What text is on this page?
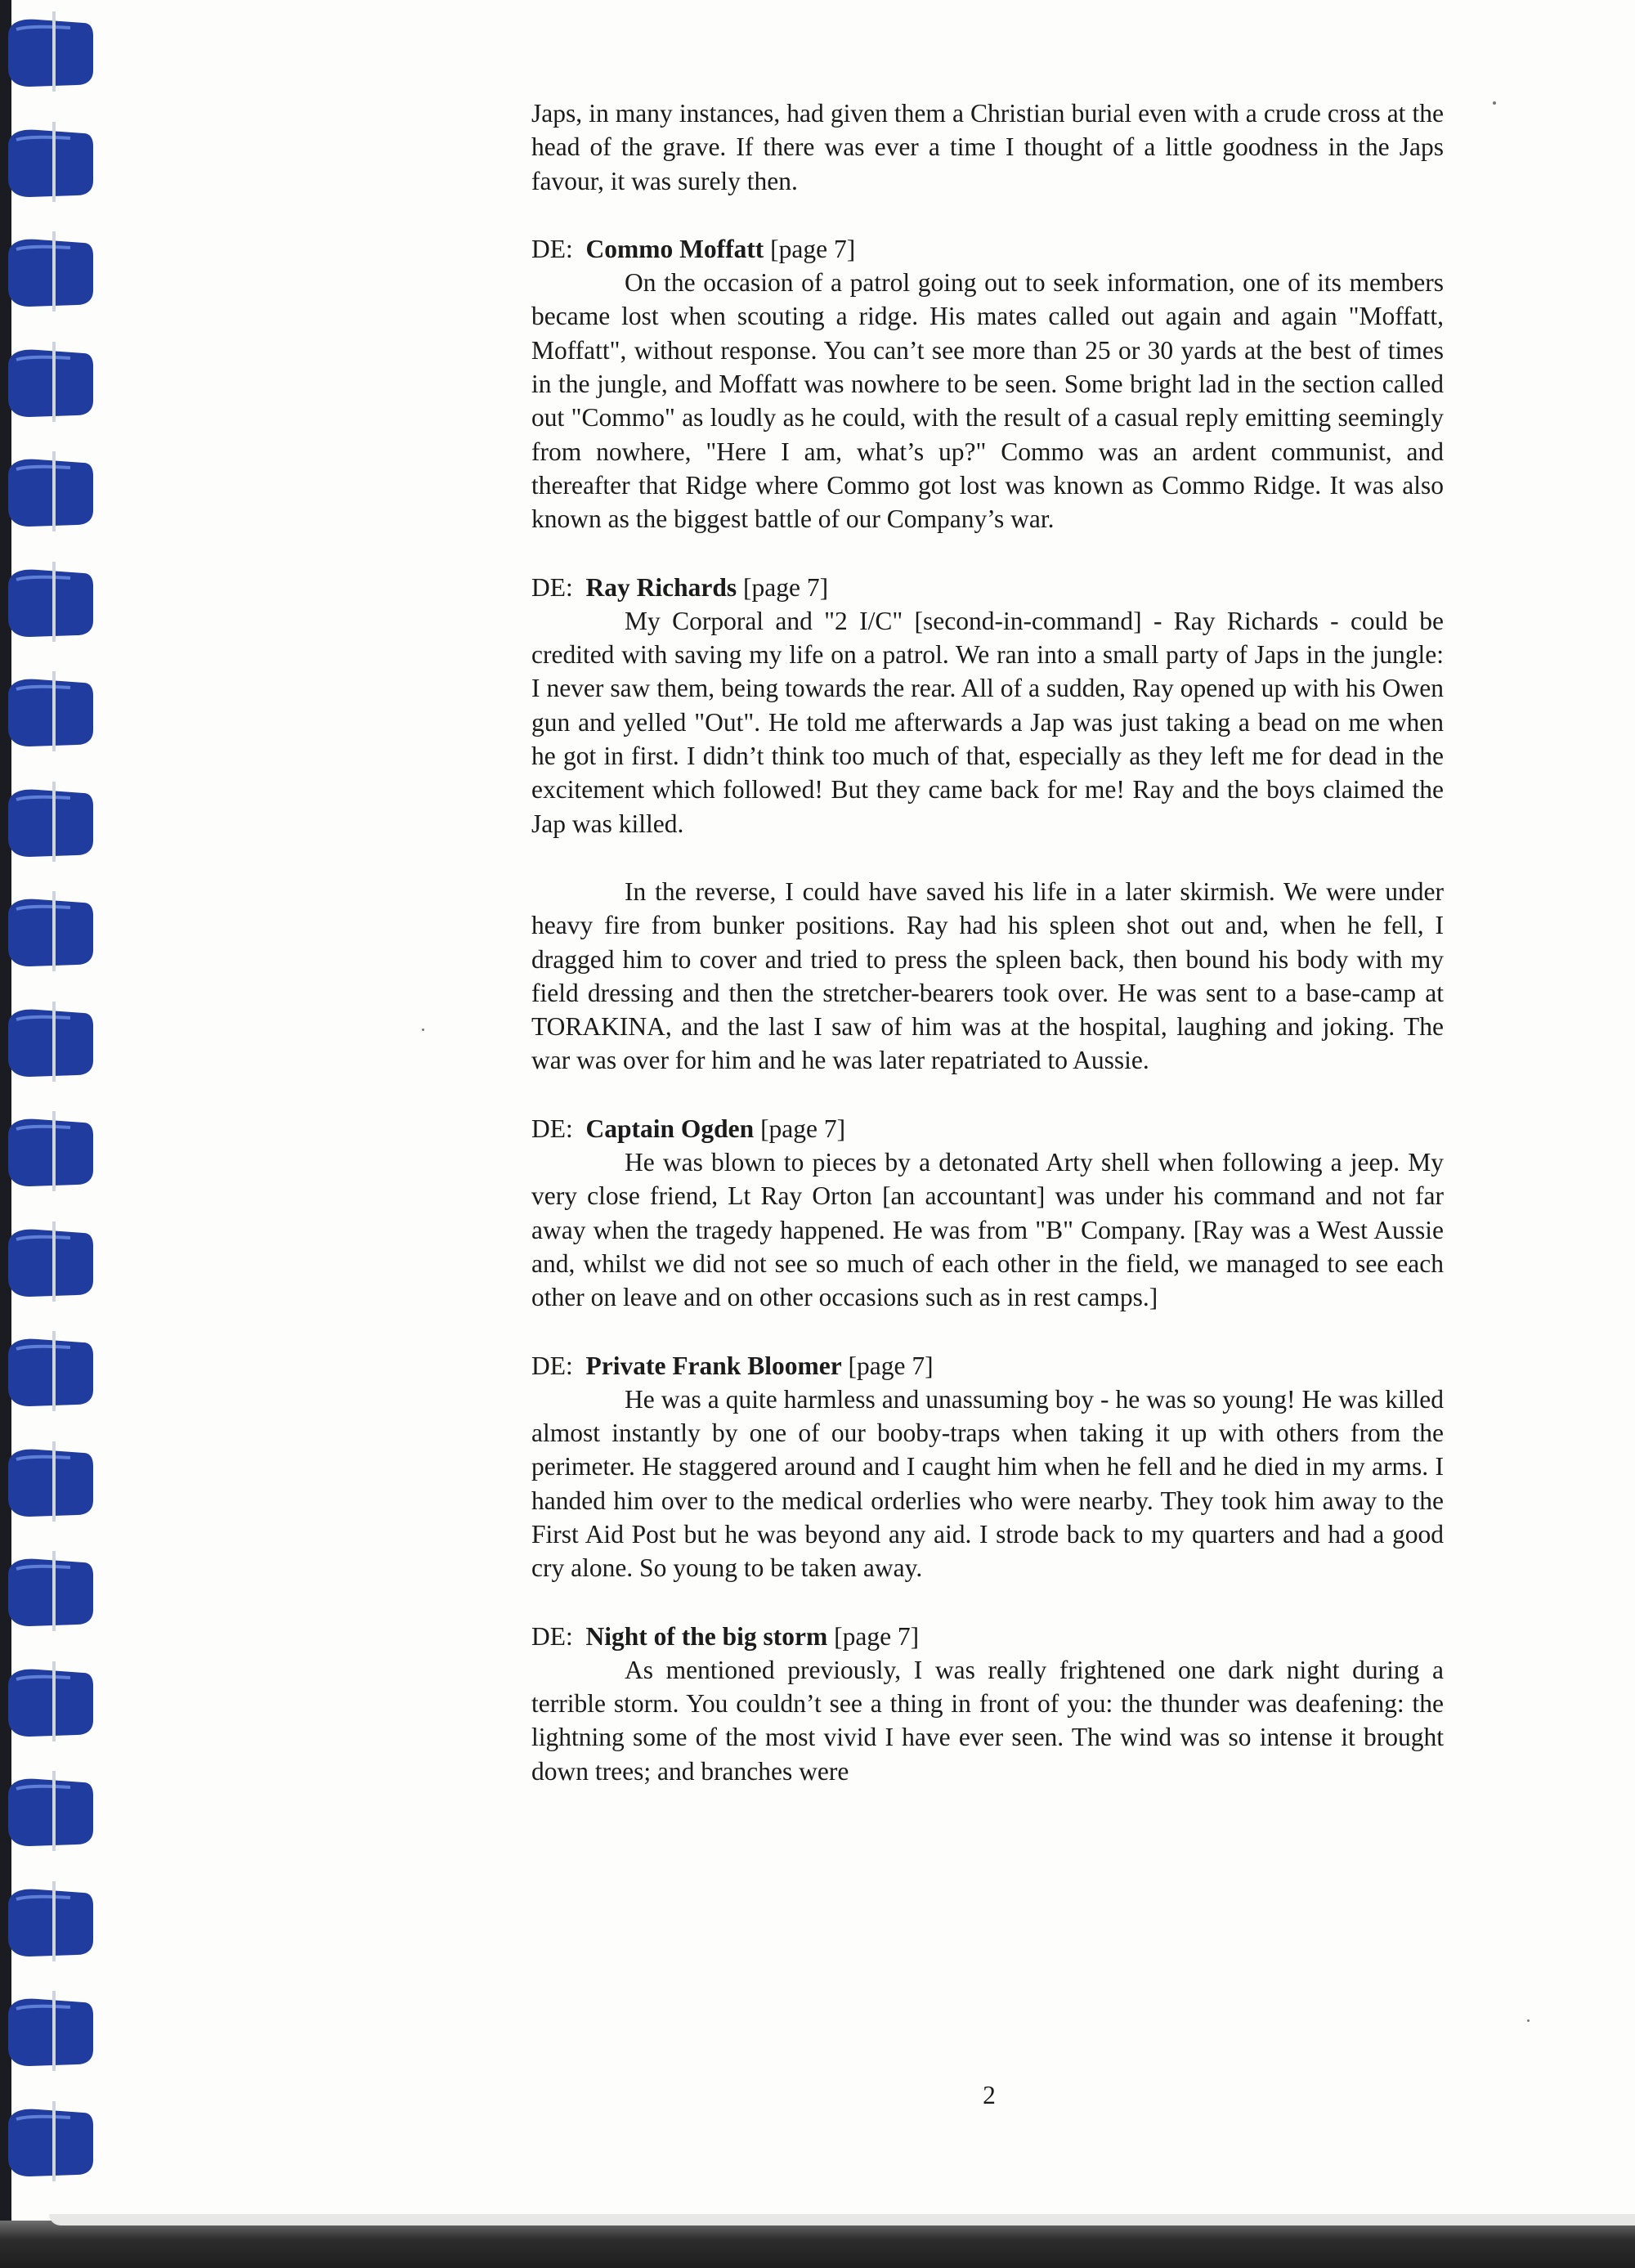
Japs, in many instances, had given them a Christian burial even with a crude cross at the head of the grave. If there was ever a time I thought of a little goodness in the Japs favour, it was surely then.

DE: Commo Moffatt [page 7]

On the occasion of a patrol going out to seek information, one of its members became lost when scouting a ridge. His mates called out again and again "Moffatt, Moffatt", without response. You can’t see more than 25 or 30 yards at the best of times in the jungle, and Moffatt was nowhere to be seen. Some bright lad in the section called out "Commo" as loudly as he could, with the result of a casual reply emitting seemingly from nowhere, "Here I am, what’s up?" Commo was an ardent communist, and thereafter that Ridge where Commo got lost was known as Commo Ridge. It was also known as the biggest battle of our Company’s war.

DE: Ray Richards [page 7]

My Corporal and "2 I/C" [second-in-command] - Ray Richards - could be credited with saving my life on a patrol. We ran into a small party of Japs in the jungle: I never saw them, being towards the rear. All of a sudden, Ray opened up with his Owen gun and yelled "Out". He told me afterwards a Jap was just taking a bead on me when he got in first. I didn’t think too much of that, especially as they left me for dead in the excitement which followed! But they came back for me! Ray and the boys claimed the Jap was killed.

In the reverse, I could have saved his life in a later skirmish. We were under heavy fire from bunker positions. Ray had his spleen shot out and, when he fell, I dragged him to cover and tried to press the spleen back, then bound his body with my field dressing and then the stretcher-bearers took over. He was sent to a base-camp at TORAKINA, and the last I saw of him was at the hospital, laughing and joking. The war was over for him and he was later repatriated to Aussie.

DE: Captain Ogden [page 7]

He was blown to pieces by a detonated Arty shell when following a jeep. My very close friend, Lt Ray Orton [an accountant] was under his command and not far away when the tragedy happened. He was from "B" Company. [Ray was a West Aussie and, whilst we did not see so much of each other in the field, we managed to see each other on leave and on other occasions such as in rest camps.]

DE: Private Frank Bloomer [page 7]

He was a quite harmless and unassuming boy - he was so young! He was killed almost instantly by one of our booby-traps when taking it up with others from the perimeter. He staggered around and I caught him when he fell and he died in my arms. I handed him over to the medical orderlies who were nearby. They took him away to the First Aid Post but he was beyond any aid. I strode back to my quarters and had a good cry alone. So young to be taken away.

DE: Night of the big storm [page 7]

As mentioned previously, I was really frightened one dark night during a terrible storm. You couldn’t see a thing in front of you: the thunder was deafening: the lightning some of the most vivid I have ever seen. The wind was so intense it brought down trees; and branches were

2
